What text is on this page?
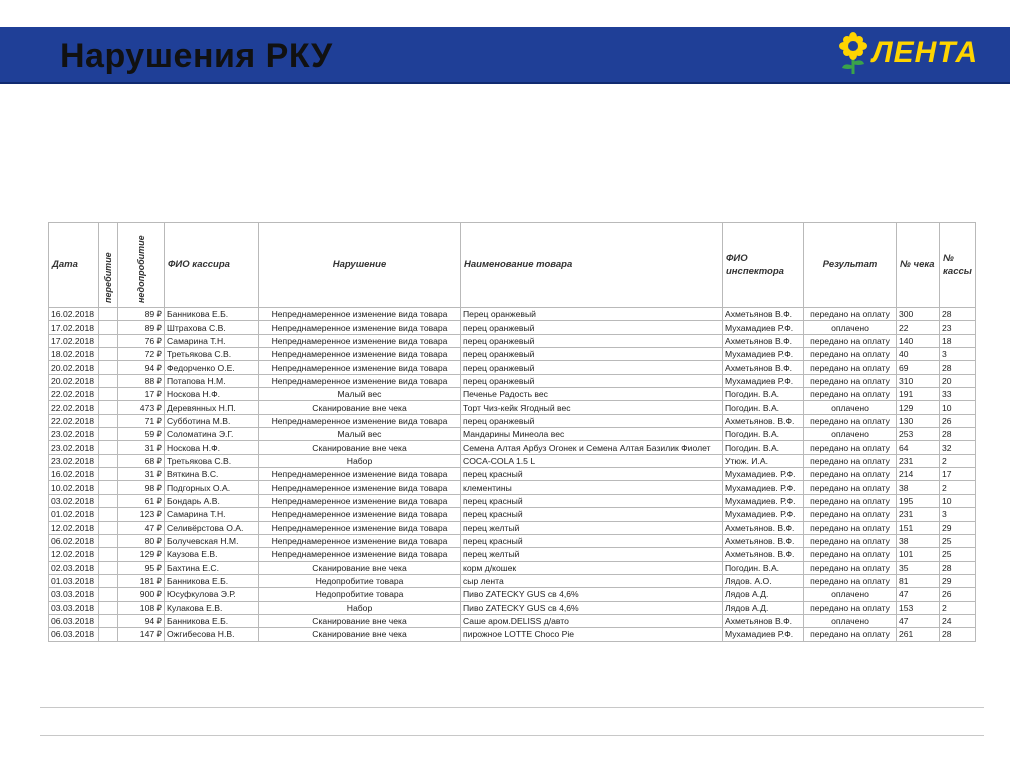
Нарушения РКУ	ЛЕНТА
Дата	перебитие	недопробитие	ФИО кассира	Нарушение	Наименование товара	ФИО инспектора	Результат	№ чека	№ кассы
16.02.2018		89 ₽	Банникова Е.Б.	Непреднамеренное изменение вида товара	Перец оранжевый	Ахметьянов В.Ф.	передано на оплату	300	28
17.02.2018		89 ₽	Штрахова С.В.	Непреднамеренное изменение вида товара	перец оранжевый	Мухамадиев Р.Ф.	оплачено	22	23
17.02.2018		76 ₽	Самарина Т.Н.	Непреднамеренное изменение вида товара	перец оранжевый	Ахметьянов В.Ф.	передано на оплату	140	18
18.02.2018		72 ₽	Третьякова С.В.	Непреднамеренное изменение вида товара	перец оранжевый	Мухамадиев Р.Ф.	передано на оплату	40	3
20.02.2018		94 ₽	Федорченко О.Е.	Непреднамеренное изменение вида товара	перец оранжевый	Ахметьянов В.Ф.	передано на оплату	69	28
20.02.2018		88 ₽	Потапова Н.М.	Непреднамеренное изменение вида товара	перец оранжевый	Мухамадиев Р.Ф.	передано на оплату	310	20
22.02.2018		17 ₽	Носкова Н.Ф.	Малый вес	Печенье Радость вес	Погодин. В.А.	передано на оплату	191	33
22.02.2018		473 ₽	Деревянных Н.П.	Сканирование вне чека	Торт Чиз-кейк Ягодный вес	Погодин. В.А.	оплачено	129	10
22.02.2018		71 ₽	Субботина М.В.	Непреднамеренное изменение вида товара	перец оранжевый	Ахметьянов. В.Ф.	передано на оплату	130	26
23.02.2018		59 ₽	Соломатина Э.Г.	Малый вес	Мандарины Минеола вес	Погодин. В.А.	оплачено	253	28
23.02.2018		31 ₽	Носкова Н.Ф.	Сканирование вне чека	Семена Алтая Арбуз Огонек и Семена Алтая Базилик Фиолет	Погодин. В.А.	передано на оплату	64	32
23.02.2018		68 ₽	Третьякова С.В.	Набор	COCA-COLA 1.5 L	Утюж. И.А.	передано на оплату	231	2
16.02.2018		31 ₽	Вяткина В.С.	Непреднамеренное изменение вида товара	перец красный	Мухамадиев. Р.Ф.	передано на оплату	214	17
10.02.2018		98 ₽	Подгорных О.А.	Непреднамеренное изменение вида товара	клементины	Мухамадиев. Р.Ф.	передано на оплату	38	2
03.02.2018		61 ₽	Бондарь А.В.	Непреднамеренное изменение вида товара	перец красный	Мухамадиев. Р.Ф.	передано на оплату	195	10
01.02.2018		123 ₽	Самарина Т.Н.	Непреднамеренное изменение вида товара	перец красный	Мухамадиев. Р.Ф.	передано на оплату	231	3
12.02.2018		47 ₽	Селивёрстова О.А.	Непреднамеренное изменение вида товара	перец желтый	Ахметьянов. В.Ф.	передано на оплату	151	29
06.02.2018		80 ₽	Болучевская Н.М.	Непреднамеренное изменение вида товара	перец красный	Ахметьянов. В.Ф.	передано на оплату	38	25
12.02.2018		129 ₽	Каузова Е.В.	Непреднамеренное изменение вида товара	перец желтый	Ахметьянов. В.Ф.	передано на оплату	101	25
02.03.2018		95 ₽	Бахтина Е.С.	Сканирование вне чека	корм д/кошек	Погодин. В.А.	передано на оплату	35	28
01.03.2018		181 ₽	Банникова Е.Б.	Недопробитие товара	сыр лента	Лядов. А.О.	передано на оплату	81	29
03.03.2018		900 ₽	Юсуфкулова Э.Р.	Недопробитие товара	Пиво ZATECKY GUS св 4,6%	Лядов А.Д.	оплачено	47	26
03.03.2018		108 ₽	Кулакова Е.В.	Набор	Пиво ZATECKY GUS св 4,6%	Лядов А.Д.	передано на оплату	153	2
06.03.2018		94 ₽	Банникова Е.Б.	Сканирование вне чека	Саше аром.DELISS д/авто	Ахметьянов В.Ф.	оплачено	47	24
06.03.2018		147 ₽	Ожгибесова Н.В.	Сканирование вне чека	пирожное LOTTE Choco Pie	Мухамадиев Р.Ф.	передано на оплату	261	28
